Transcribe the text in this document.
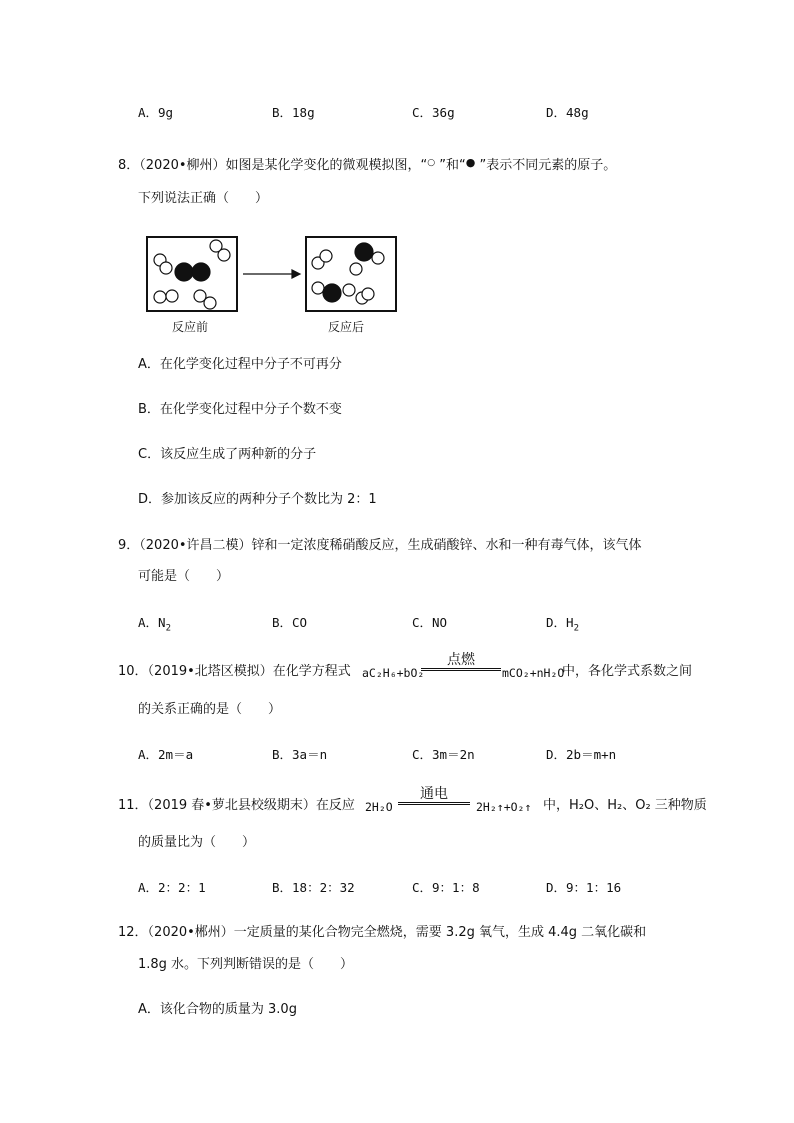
A．9g	B．18g	C．36g	D．48g
8．（2020•柳州）如图是某化学变化的微观模拟图，“○ ”和“● ”表示不同元素的原子。
下列说法正确（　　）
反应前	反应后
A．在化学变化过程中分子不可再分
B．在化学变化过程中分子个数不变
C．该反应生成了两种新的分子
D．参加该反应的两种分子个数比为 2：1
9．（2020•许昌二模）锌和一定浓度稀硝酸反应，生成硝酸锌、水和一种有毒气体，该气体
可能是（　　）
A．$N_2$	B．CO	C．NO	D．$H_2$
10．（2019•北塔区模拟）在化学方程式 aC₂H₆+bO₂
点燃
mCO₂+nH₂O
中，各化学式系数之间
的关系正确的是（　　）
A．2m＝a	B．3a＝n	C．3m＝2n	D．2b＝m+n
11．（2019 春•萝北县校级期末）在反应 2H₂O
通电
2H₂↑+O₂↑ 中，H₂O、H₂、O₂ 三种物质
的质量比为（　　）
A．2：2：1	B．18：2：32	C．9：1：8	D．9：1：16
12．（2020•郴州）一定质量的某化合物完全燃烧，需要 3.2g 氧气，生成 4.4g 二氧化碳和
1.8g 水。下列判断错误的是（　　）
A．该化合物的质量为 3.0g
